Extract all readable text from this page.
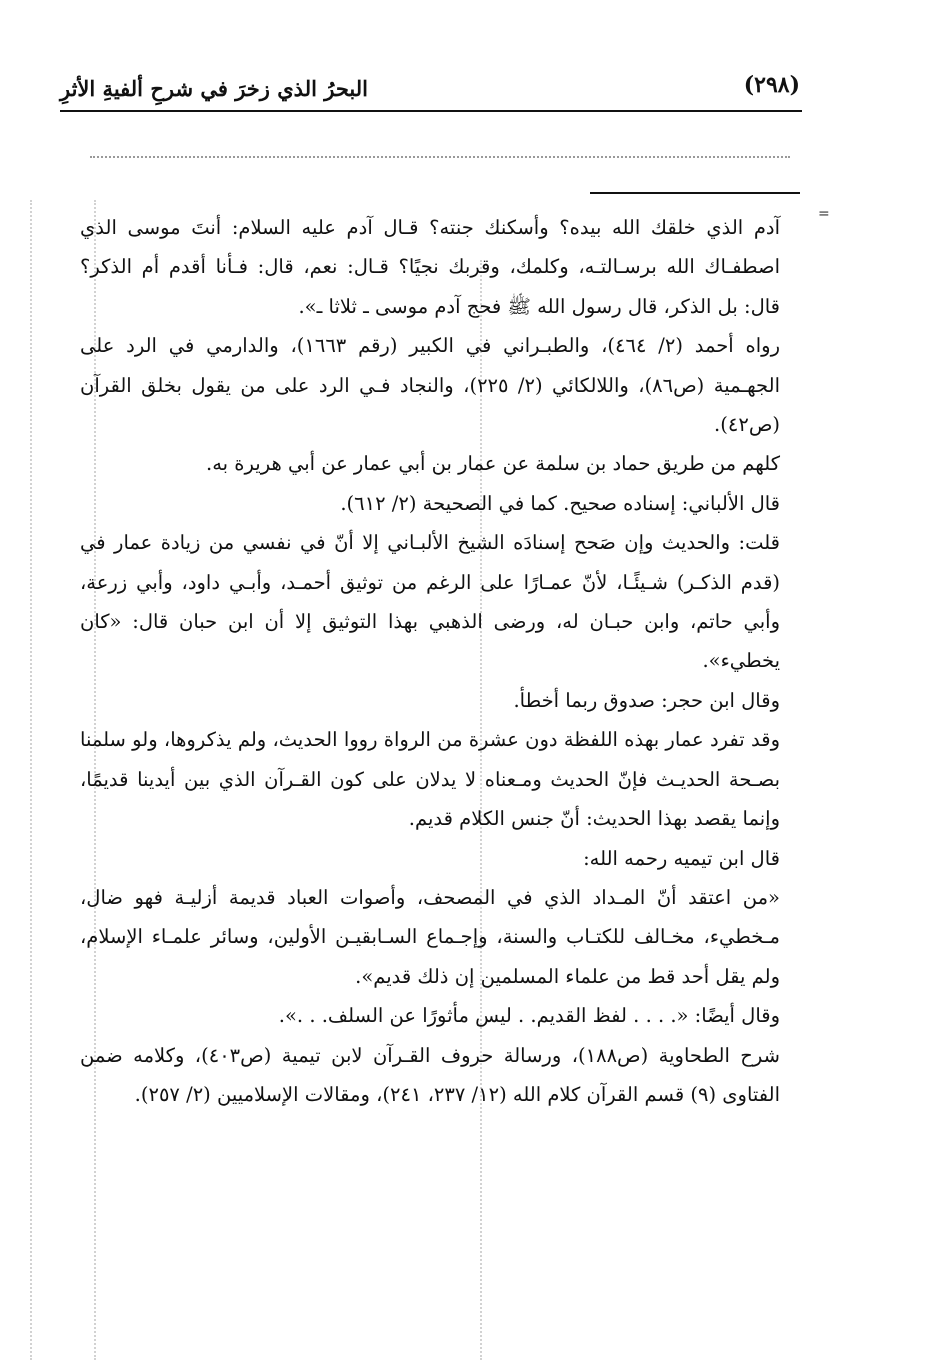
(٢٩٨)
البحرُ الذي زخرَ في شرحِ ألفيةِ الأثرِ
=

آدم الذي خلقك الله بيده؟ وأسكنك جنته؟ قـال آدم عليه السلام: أنتَ موسى الذي اصطفـاك الله برسـالتـه، وكلمك، وقربك نجيًا؟ قـال: نعم، قال: فـأنا أقدم أم الذكر؟ قال: بل الذكر، قال رسول الله ﷺ فحج آدم موسى ـ ثلاثا ـ».

رواه أحمد (٢/ ٤٦٤)، والطبـراني في الكبير (رقم ١٦٦٣)، والدارمي في الرد على الجهـمية (ص٨٦)، واللالكائي (٢/ ٢٢٥)، والنجاد فـي الرد على من يقول بخلق القرآن (ص٤٢).

كلهم من طريق حماد بن سلمة عن عمار بن أبي عمار عن أبي هريرة به.

قال الألباني: إسناده صحيح. كما في الصحيحة (٢/ ٦١٢).

قلت: والحديث وإن صَحح إسنادَه الشيخ الألبـاني إلا أنّ في نفسي من زيادة عمار في (قدم الذكـر) شـيئًـا، لأنّ عمـارًا على الرغم من توثيق أحمـد، وأبـي داود، وأبي زرعة، وأبي حاتم، وابن حبـان له، ورضى الذهبي بهذا التوثيق إلا أن ابن حبان قال: «كان يخطيء».

وقال ابن حجر: صدوق ربما أخطأ.

وقد تفرد عمار بهذه اللفظة دون عشرة من الرواة رووا الحديث، ولم يذكروها، ولو سلمنا بصـحة الحديـث فإنّ الحديث ومـعناه لا يدلان على كون القـرآن الذي بين أيدينا قديمًا، وإنما يقصد بهذا الحديث: أنّ جنس الكلام قديم.

قال ابن تيميه رحمه الله:

«من اعتقد أنّ المـداد الذي في المصحف، وأصوات العباد قديمة أزليـة فهو ضال، مـخطيء، مخـالف للكتـاب والسنة، وإجـماع السـابقيـن الأولين، وسائر علمـاء الإسلام، ولم يقل أحد قط من علماء المسلمين إن ذلك قديم».

وقال أيضًا: «. . . . لفظ القديم. . ليس مأثورًا عن السلف. . .».

شرح الطحاوية (ص١٨٨)، ورسالة حروف القـرآن لابن تيمية (ص٤٠٣)، وكلامه ضمن الفتاوى (٩) قسم القرآن كلام الله (١٢/ ٢٣٧، ٢٤١)، ومقالات الإسلاميين (٢/ ٢٥٧).
